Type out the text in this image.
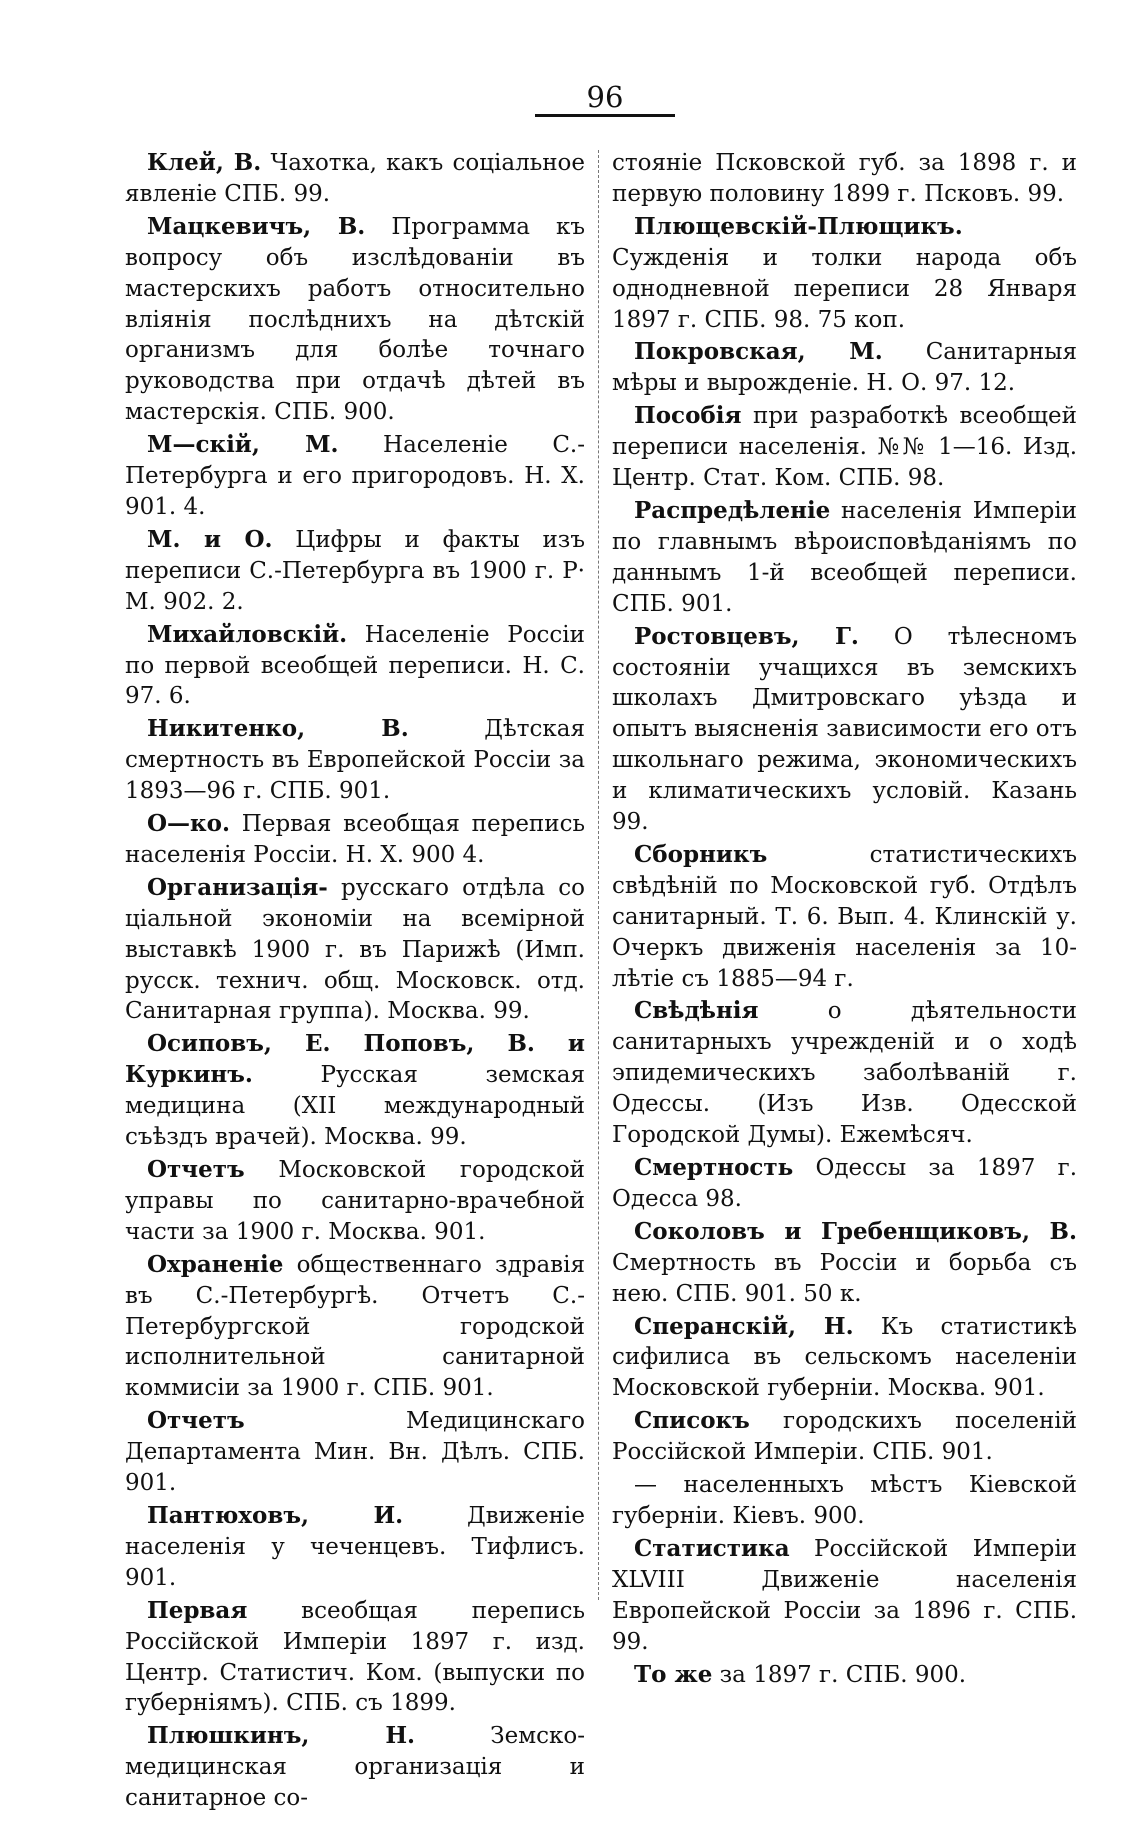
96

Клей, В. Чахотка, какъ соціальное явленіе СПБ. 99.

Мацкевичъ, В. Программа къ вопросу объ изслѣдованіи въ мастерскихъ работъ относительно вліянія послѣднихъ на дѣтскій организмъ для болѣе точнаго руководства при отдачѣ дѣтей въ мастерскія. СПБ. 900.

М—скій, М. Населеніе С.-Петербурга и его пригородовъ. Н. X. 901. 4.

М. и О. Цифры и факты изъ переписи С.-Петербурга въ 1900 г. Р· М. 902. 2.

Михайловскій. Населеніе Россіи по первой всеобщей переписи. Н. С. 97. 6.

Никитенко, В. Дѣтская смертность въ Европейской Россіи за 1893—96 г. СПБ. 901.

О—ко. Первая всеобщая перепись населенія Россіи. Н. X. 900 4.

Организація- русскаго отдѣла со ціальной экономіи на всемірной выставкѣ 1900 г. въ Парижѣ (Имп. русск. технич. общ. Московск. отд. Санитарная группа). Москва. 99.

Осиповъ, Е. Поповъ, В. и Куркинъ. Русская земская медицина (XII международный съѣздъ врачей). Москва. 99.

Отчетъ Московской городской управы по санитарно-врачебной части за 1900 г. Москва. 901.

Охраненіе общественнаго здравія въ С.-Петербургѣ. Отчетъ С.-Петербургской городской исполнительной санитарной коммисіи за 1900 г. СПБ. 901.

Отчетъ Медицинскаго Департамента Мин. Вн. Дѣлъ. СПБ. 901.

Пантюховъ, И. Движеніе населенія у чеченцевъ. Тифлисъ. 901.

Первая всеобщая перепись Россійской Имперіи 1897 г. изд. Центр. Статистич. Ком. (выпуски по губерніямъ). СПБ. съ 1899.

Плюшкинъ, Н. Земско-медицинская организація и санитарное со-

стояніе Псковской губ. за 1898 г. и первую половину 1899 г. Псковъ. 99.

Плющевскій-Плющикъ. Сужденія и толки народа объ однодневной переписи 28 Января 1897 г. СПБ. 98. 75 коп.

Покровская, М. Санитарныя мѣры и вырожденіе. Н. О. 97. 12.

Пособія при разработкѣ всеобщей переписи населенія. №№ 1—16. Изд. Центр. Стат. Ком. СПБ. 98.

Распредѣленіе населенія Имперіи по главнымъ вѣроисповѣданіямъ по даннымъ 1-й всеобщей переписи. СПБ. 901.

Ростовцевъ, Г. О тѣлесномъ состояніи учащихся въ земскихъ школахъ Дмитровскаго уѣзда и опытъ выясненія зависимости его отъ школьнаго режима, экономическихъ и климатическихъ условій. Казань 99.

Сборникъ статистическихъ свѣдѣній по Московской губ. Отдѣлъ санитарный. Т. 6. Вып. 4. Клинскій у. Очеркъ движенія населенія за 10-лѣтіе съ 1885—94 г.

Свѣдѣнія о дѣятельности санитарныхъ учрежденій и о ходѣ эпидемическихъ заболѣваній г. Одессы. (Изъ Изв. Одесской Городской Думы). Ежемѣсяч.

Смертность Одессы за 1897 г. Одесса 98.

Соколовъ и Гребенщиковъ, В. Смертность въ Россіи и борьба съ нею. СПБ. 901. 50 к.

Сперанскій, Н. Къ статистикѣ сифилиса въ сельскомъ населеніи Московской губерніи. Москва. 901.

Списокъ городскихъ поселеній Россійской Имперіи. СПБ. 901.

— населенныхъ мѣстъ Кіевской губерніи. Кіевъ. 900.

Статистика Россійской Имперіи XLVIII Движеніе населенія Европейской Россіи за 1896 г. СПБ. 99.

То же за 1897 г. СПБ. 900.
